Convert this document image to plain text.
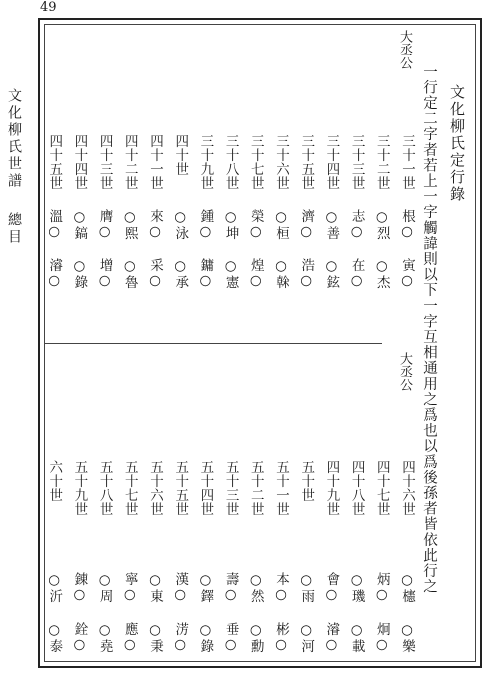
49
文化柳氏世譜
總目
文化柳氏定行錄
一行定二字者若上一字觸諱則以下一字互相通用之爲也以爲後孫者皆依此行之
大丞公
大丞公
三十一世
根○
寅○
三十二世
○烈
○杰
三十三世
志○
在○
三十四世
○善
○鉉
三十五世
濟○
浩○
三十六世
○桓
○榦
三十七世
榮○
煌○
三十八世
○坤
○憲
三十九世
鍾○
鏞○
四十世
○泳
○承
四十一世
來○
采○
四十二世
○熙
○魯
四十三世
膺○
增○
四十四世
○鎬
○錄
四十五世
溫○
濬○
四十六世
○櫶
○樂
四十七世
炳○
炯○
四十八世
○璣
○載
四十九世
會○
濬○
五十世
○雨
○河
五十一世
本○
彬○
五十二世
○然
○勳
五十三世
壽○
垂○
五十四世
○鐸
○錄
五十五世
漢○
淓○
五十六世
○東
○秉
五十七世
寧○
應○
五十八世
○周
○堯
五十九世
錬○
銓○
六十世
○沂
○泰
